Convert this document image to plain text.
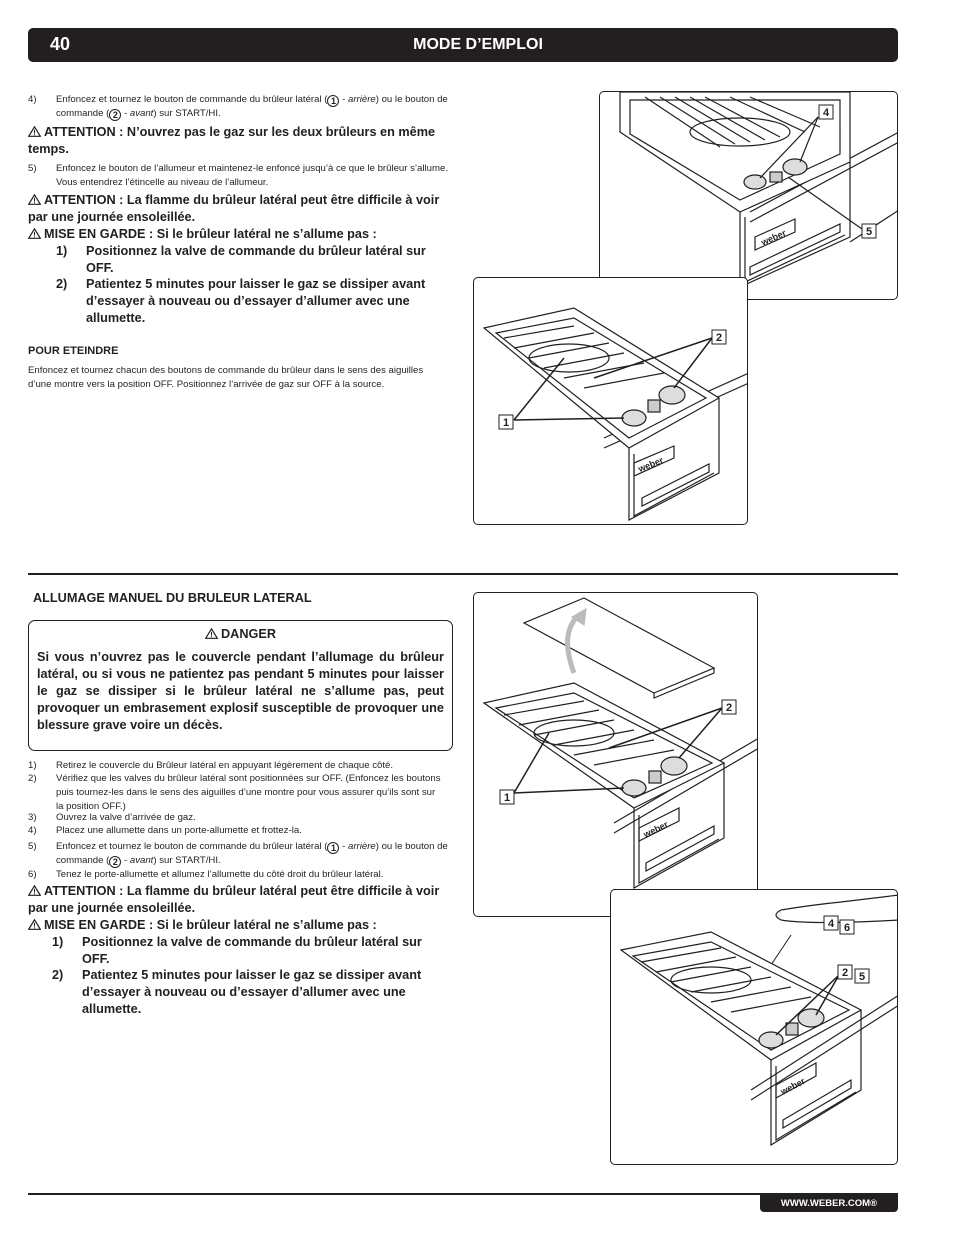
40	MODE D’EMPLOI
4) Enfoncez et tournez le bouton de commande du brûleur latéral ( 1 - arrière) ou le bouton de commande ( 2 - avant) sur START/HI.
ATTENTION : N’ouvrez pas le gaz sur les deux brûleurs en même temps.
5) Enfoncez le bouton de l’allumeur et maintenez-le enfoncé jusqu’à ce que le brûleur s’allume. Vous entendrez l’étincelle au niveau de l’allumeur.
ATTENTION : La flamme du brûleur latéral peut être difficile à voir par une journée ensoleillée.
MISE EN GARDE : Si le brûleur latéral ne s’allume pas :
1) Positionnez la valve de commande du brûleur latéral sur OFF.
2) Patientez 5 minutes pour laisser le gaz se dissiper avant d’essayer à nouveau ou d’essayer d’allumer avec une allumette.
POUR ETEINDRE
Enfoncez et tournez chacun des boutons de commande du brûleur dans le sens des aiguilles d’une montre vers la position OFF. Positionnez l’arrivée de gaz sur OFF à la source.
weber
4
5
weber
2
1
ALLUMAGE MANUEL DU BRULEUR LATERAL
DANGER
Si vous n’ouvrez pas le couvercle pendant l’allumage du brûleur latéral, ou si vous ne patientez pas pendant 5 minutes pour laisser le gaz se dissiper si le brûleur latéral ne s’allume pas, peut provoquer un embrasement explosif susceptible de provoquer une blessure grave voire un décès.
1) Retirez le couvercle du Brûleur latéral en appuyant légèrement de chaque côté.
2) Vérifiez que les valves du brûleur latéral sont positionnées sur OFF. (Enfoncez les boutons puis tournez-les dans le sens des aiguilles d’une montre pour vous assurer qu’ils sont sur la position OFF.)
3) Ouvrez la valve d’arrivée de gaz.
4) Placez une allumette dans un porte-allumette et frottez-la.
5) Enfoncez et tournez le bouton de commande du brûleur latéral ( 1 - arrière) ou le bouton de commande ( 2 - avant) sur START/HI.
6) Tenez le porte-allumette et allumez l’allumette du côté droit du brûleur latéral.
ATTENTION : La flamme du brûleur latéral peut être difficile à voir par une journée ensoleillée.
MISE EN GARDE : Si le brûleur latéral ne s’allume pas :
1) Positionnez la valve de commande du brûleur latéral sur OFF.
2) Patientez 5 minutes pour laisser le gaz se dissiper avant d’essayer à nouveau ou d’essayer d’allumer avec une allumette.
weber
2
1
weber
4 6
2 5
WWW.WEBER.COM®
